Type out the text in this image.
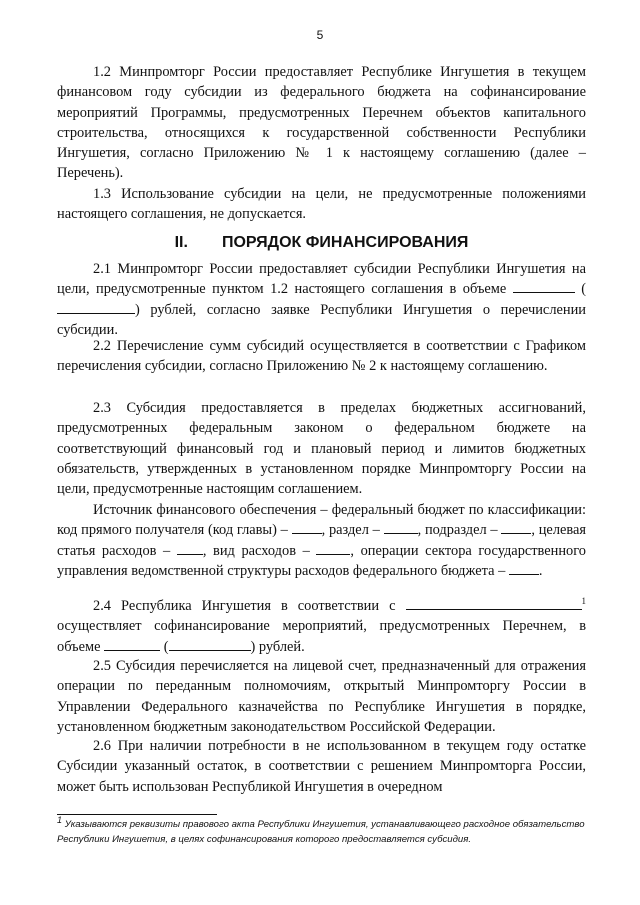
5

1.2 Минпромторг России предоставляет Республике Ингушетия в текущем финансовом году субсидии из федерального бюджета на софинансирование мероприятий Программы, предусмотренных Перечнем объектов капитального строительства, относящихся к государственной собственности Республики Ингушетия, согласно Приложению № 1 к настоящему соглашению (далее – Перечень).

1.3 Использование субсидии на цели, не предусмотренные положениями настоящего соглашения, не допускается.

II. ПОРЯДОК ФИНАНСИРОВАНИЯ

2.1 Минпромторг России предоставляет субсидии Республики Ингушетия на цели, предусмотренные пунктом 1.2 настоящего соглашения в объеме	() рублей, согласно заявке Республики Ингушетия о перечислении субсидии.

2.2 Перечисление сумм субсидий осуществляется в соответствии с Графиком перечисления субсидии, согласно Приложению № 2 к настоящему соглашению.

2.3 Субсидия предоставляется в пределах бюджетных ассигнований, предусмотренных федеральным законом о федеральном бюджете на соответствующий финансовый год и плановый период и лимитов бюджетных обязательств, утвержденных в установленном порядке Минпромторгу России на цели, предусмотренные настоящим соглашением.

Источник финансового обеспечения – федеральный бюджет по классификации: код прямого получателя (код главы) – , раздел –	, подраздел – , целевая статья расходов – , вид расходов –	, операции сектора государственного управления ведомственной структуры расходов федерального бюджета – .

2.4 Республика Ингушетия в соответствии с	$^1$ осуществляет софинансирование мероприятий, предусмотренных Перечнем, в объеме	(	) рублей.

2.5 Субсидия перечисляется на лицевой счет, предназначенный для отражения операции по переданным полномочиям, открытый Минпромторгу России в Управлении Федерального казначейства по Республике Ингушетия в порядке, установленном бюджетным законодательством Российской Федерации.

2.6 При наличии потребности в не использованном в текущем году остатке Субсидии указанный остаток, в соответствии с решением Минпромторга России, может быть использован Республикой Ингушетия в очередном

$^1$ Указываются реквизиты правового акта Республики Ингушетия, устанавливающего расходное обязательство Республики Ингушетия, в целях софинансирования которого предоставляется субсидия.
